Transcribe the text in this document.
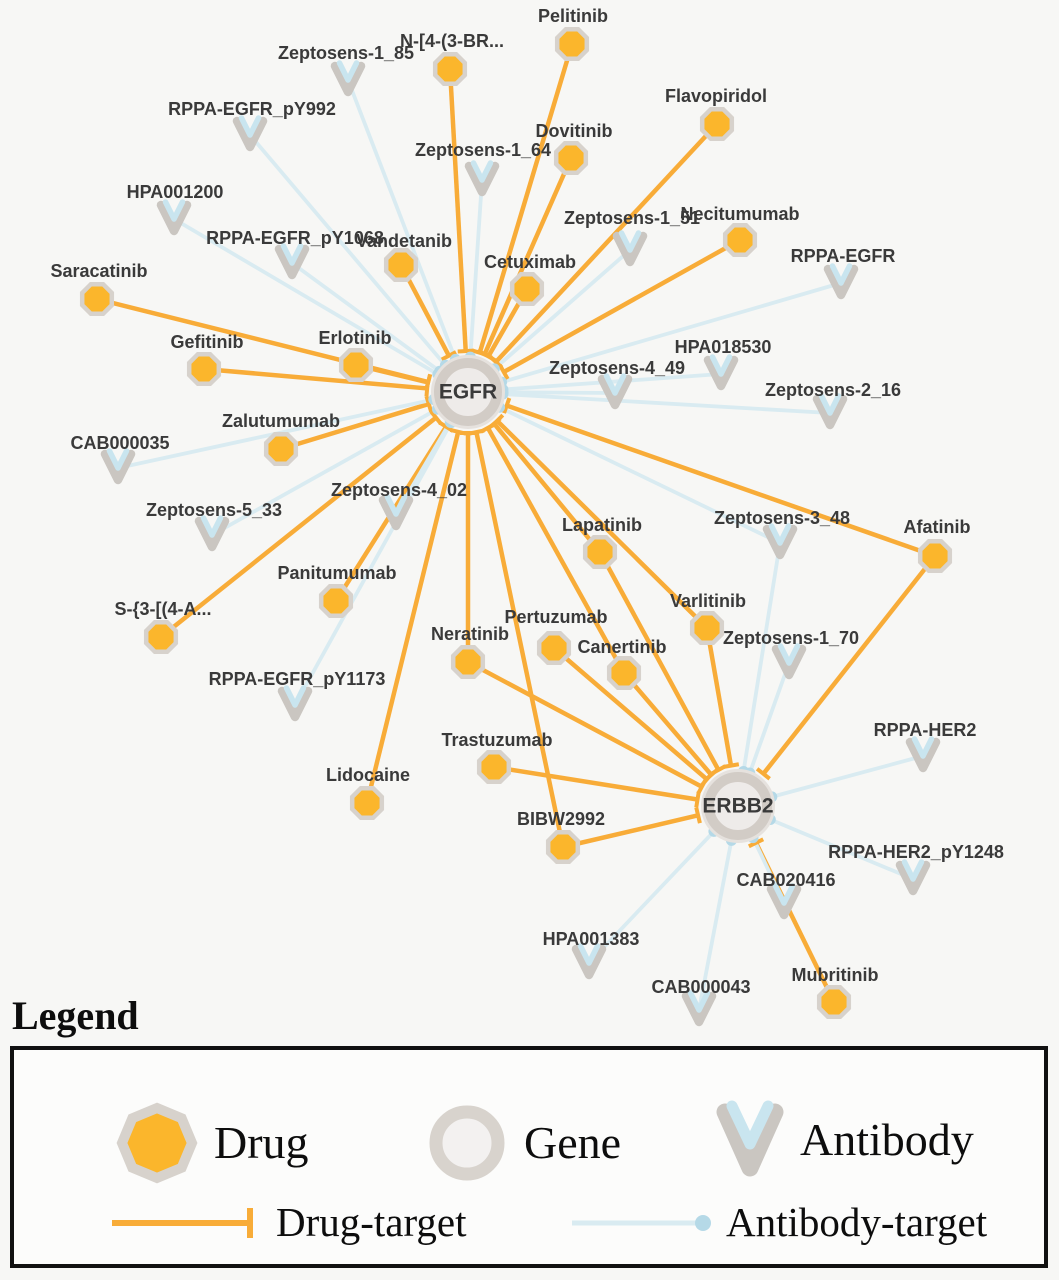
EGFR
ERBB2
Pelitinib
N-[4-(3-BR...
Flavopiridol
Dovitinib
Vandetanib
Necitumumab
Cetuximab
Saracatinib
Gefitinib	Erlotinib
Zalutumumab
Panitumumab
S-{3-[(4-A...
Lapatinib	Afatinib
Varlitinib
Pertuzumab
Neratinib
Canertinib
Trastuzumab
Lidocaine
BIBW2992
Mubritinib
Zeptosens-1_85
RPPA-EGFR_pY992
HPA001200
RPPA-EGFR_pY1068
Zeptosens-1_64
Zeptosens-1_51
RPPA-EGFR
Zeptosens-4_49
HPA018530
Zeptosens-2_16
CAB000035
Zeptosens-5_33
Zeptosens-4_02
RPPA-EGFR_pY1173
Zeptosens-3_48
Zeptosens-1_70
RPPA-HER2
RPPA-HER2_pY1248
CAB020416
HPA001383
CAB000043
Legend
Drug	Gene	Antibody
Drug-target	Antibody-target
